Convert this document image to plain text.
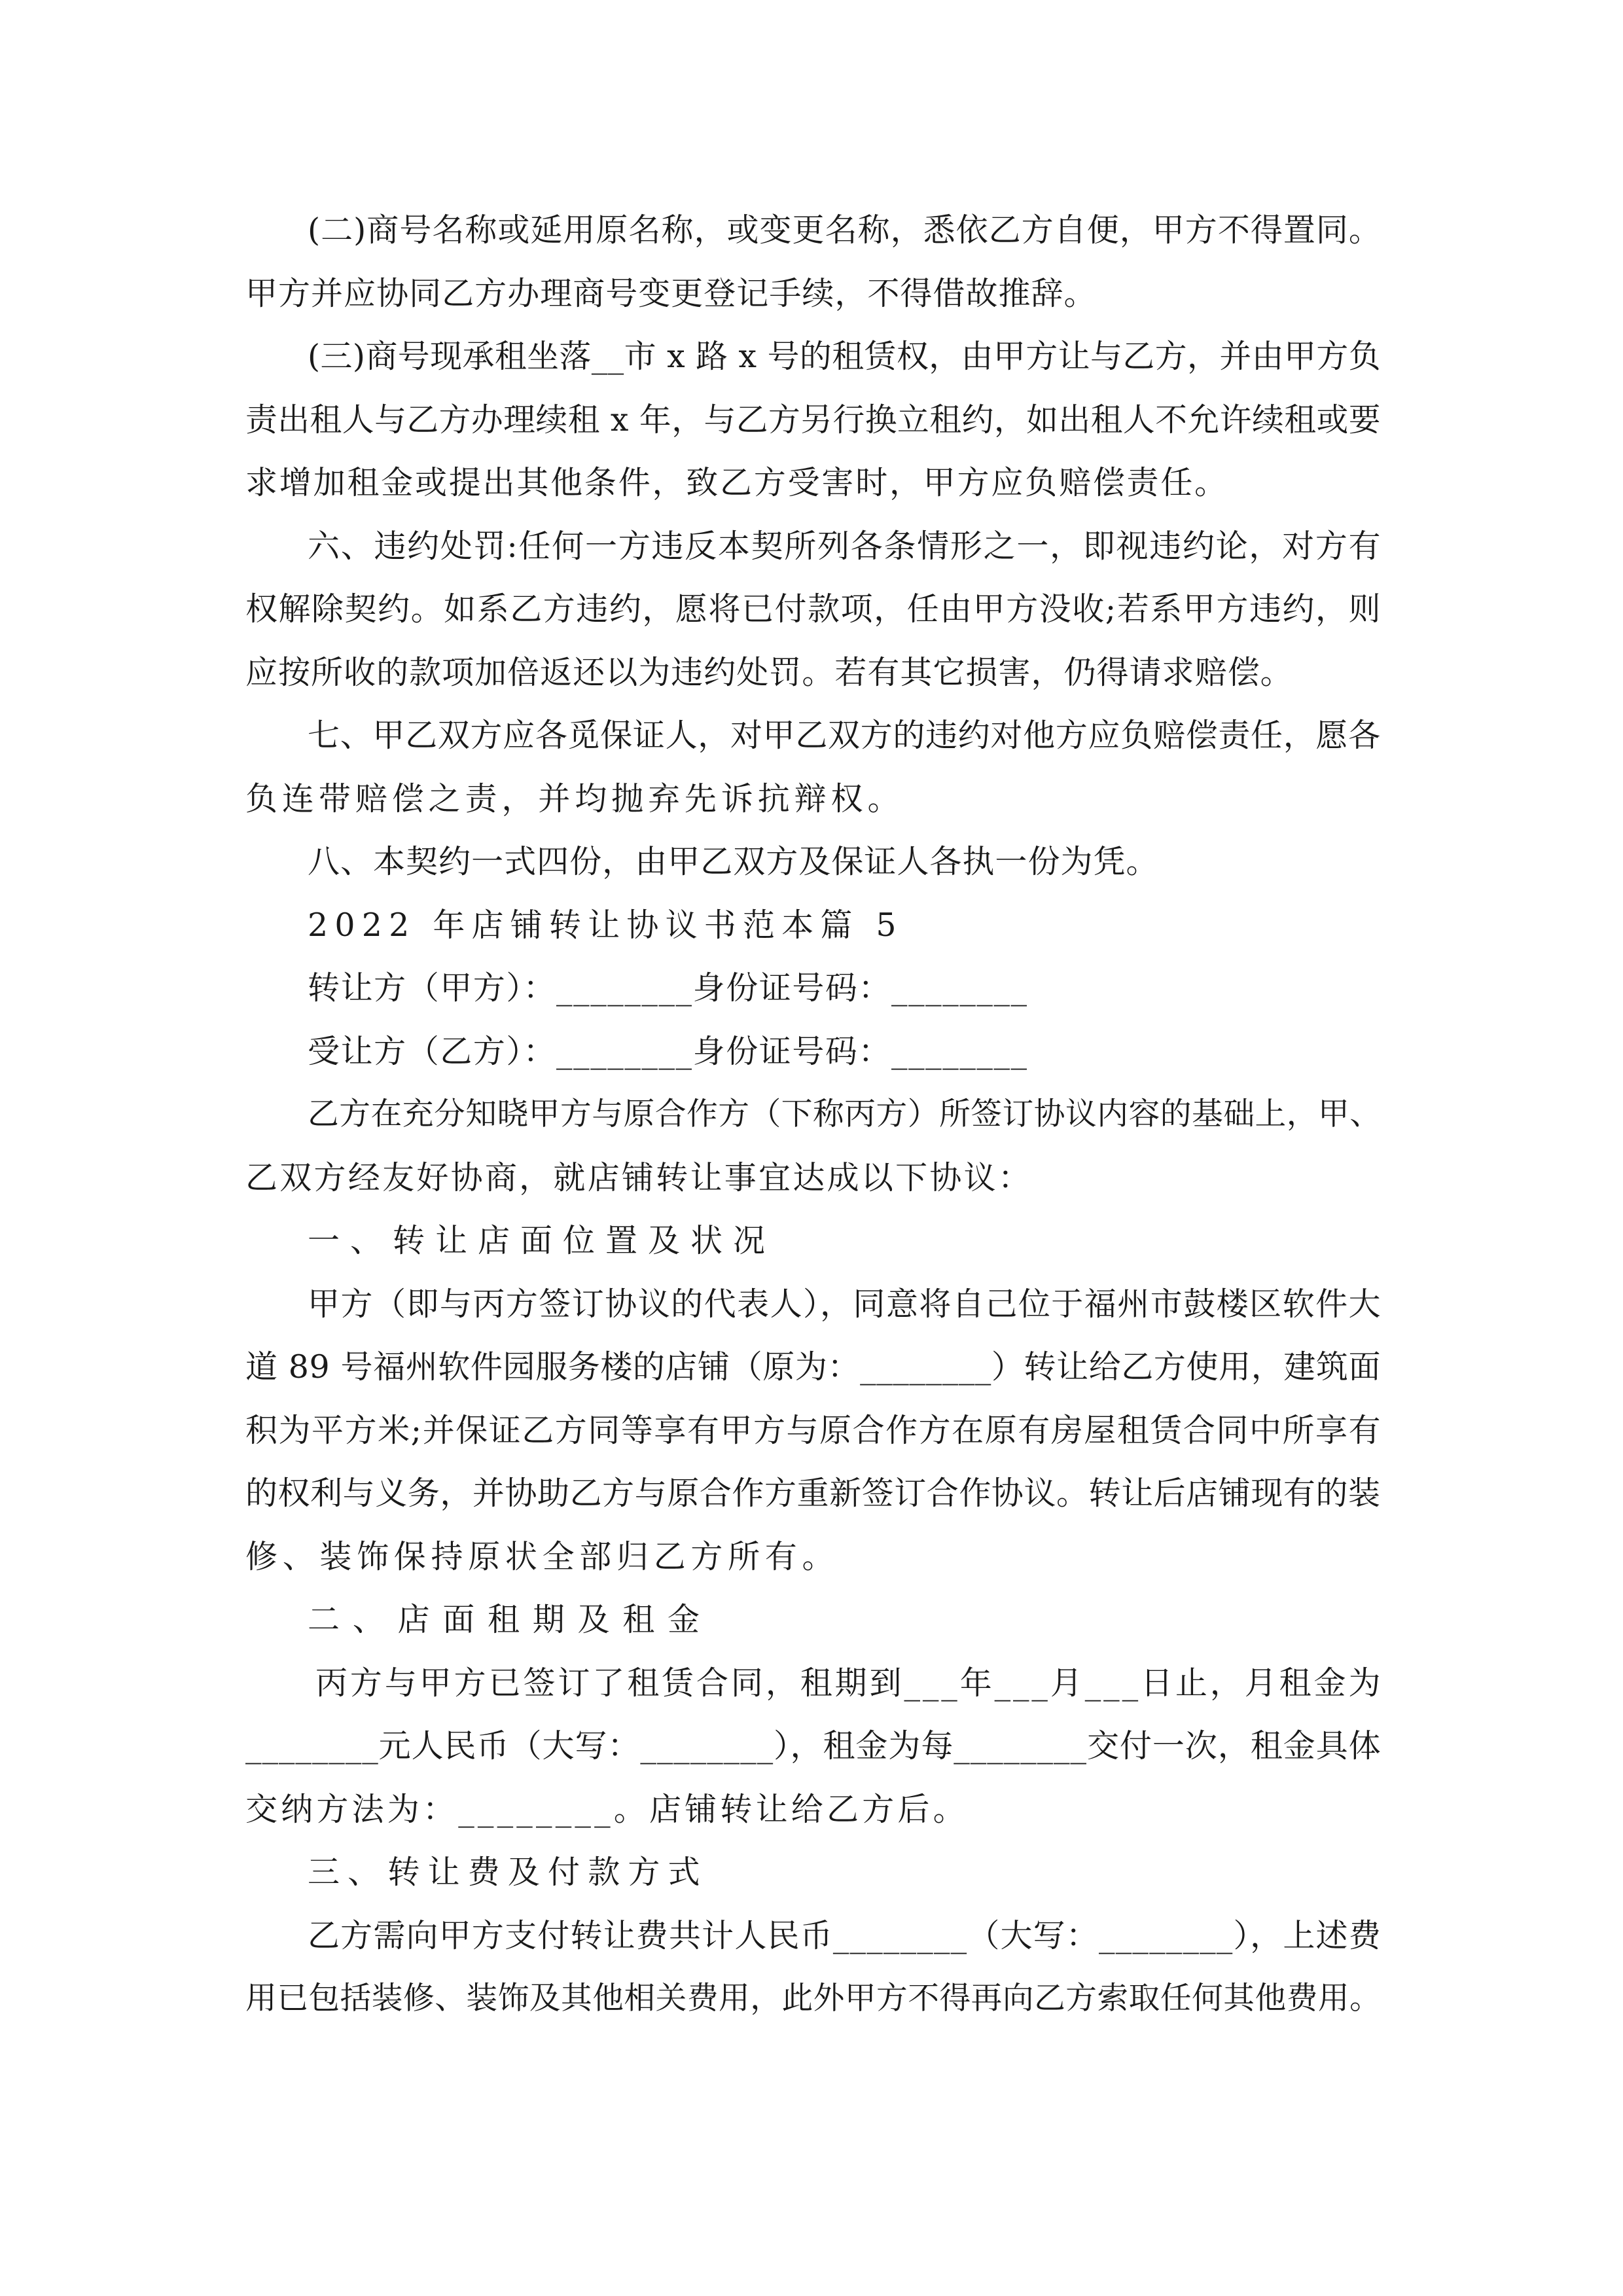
(二)商号名称或延用原名称，或变更名称，悉依乙方自便，甲方不得置同。
甲方并应协同乙方办理商号变更登记手续，不得借故推辞。
(三)商号现承租坐落__市 x 路 x 号的租赁权，由甲方让与乙方，并由甲方负
责出租人与乙方办理续租 x 年，与乙方另行换立租约，如出租人不允许续租或要
求增加租金或提出其他条件，致乙方受害时，甲方应负赔偿责任。
六、违约处罚:任何一方违反本契所列各条情形之一，即视违约论，对方有
权解除契约。如系乙方违约，愿将已付款项，任由甲方没收;若系甲方违约，则
应按所收的款项加倍返还以为违约处罚。若有其它损害，仍得请求赔偿。
七、甲乙双方应各觅保证人，对甲乙双方的违约对他方应负赔偿责任，愿各
负连带赔偿之责，并均抛弃先诉抗辩权。
八、本契约一式四份，由甲乙双方及保证人各执一份为凭。
2022 年店铺转让协议书范本篇 5
转让方（甲方）：________身份证号码：________
受让方（乙方）：________身份证号码：________
乙方在充分知晓甲方与原合作方（下称丙方）所签订协议内容的基础上，甲、
乙双方经友好协商，就店铺转让事宜达成以下协议：
一、转让店面位置及状况
甲方（即与丙方签订协议的代表人），同意将自己位于福州市鼓楼区软件大
道 89 号福州软件园服务楼的店铺（原为：________）转让给乙方使用，建筑面
积为平方米;并保证乙方同等享有甲方与原合作方在原有房屋租赁合同中所享有
的权利与义务，并协助乙方与原合作方重新签订合作协议。转让后店铺现有的装
修、装饰保持原状全部归乙方所有。
二、店面租期及租金
丙方与甲方已签订了租赁合同，租期到___年___月___日止，月租金为
________元人民币（大写：________），租金为每________交付一次，租金具体
交纳方法为：________。店铺转让给乙方后。
三、转让费及付款方式
乙方需向甲方支付转让费共计人民币________（大写：________），上述费
用已包括装修、装饰及其他相关费用，此外甲方不得再向乙方索取任何其他费用。
